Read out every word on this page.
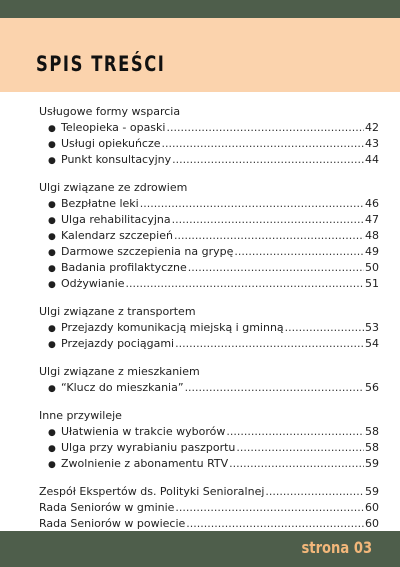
SPIS TREŚCI
Usługowe formy wsparcia
● Teleopieka - opaski .....	42
● Usługi opiekuńcze .....	43
● Punkt konsultacyjny .....	44
Ulgi związane ze zdrowiem
● Bezpłatne leki .....	46
● Ulga rehabilitacyjna .....	47
● Kalendarz szczepień .....	48
● Darmowe szczepienia na grypę .....	49
● Badania profilaktyczne .....	50
● Odżywianie .....	51
Ulgi związane z transportem
● Przejazdy komunikacją miejską i gminną .....	53
● Przejazdy pociągami .....	54
Ulgi związane z mieszkaniem
● “Klucz do mieszkania” .....	56
Inne przywileje
● Ułatwienia w trakcie wyborów .....	58
● Ulga przy wyrabianiu paszportu .....	58
● Zwolnienie z abonamentu RTV .....	59
Zespół Ekspertów ds. Polityki Senioralnej .....	59
Rada Seniorów w gminie .....	60
Rada Seniorów w powiecie .....	60
strona 03
